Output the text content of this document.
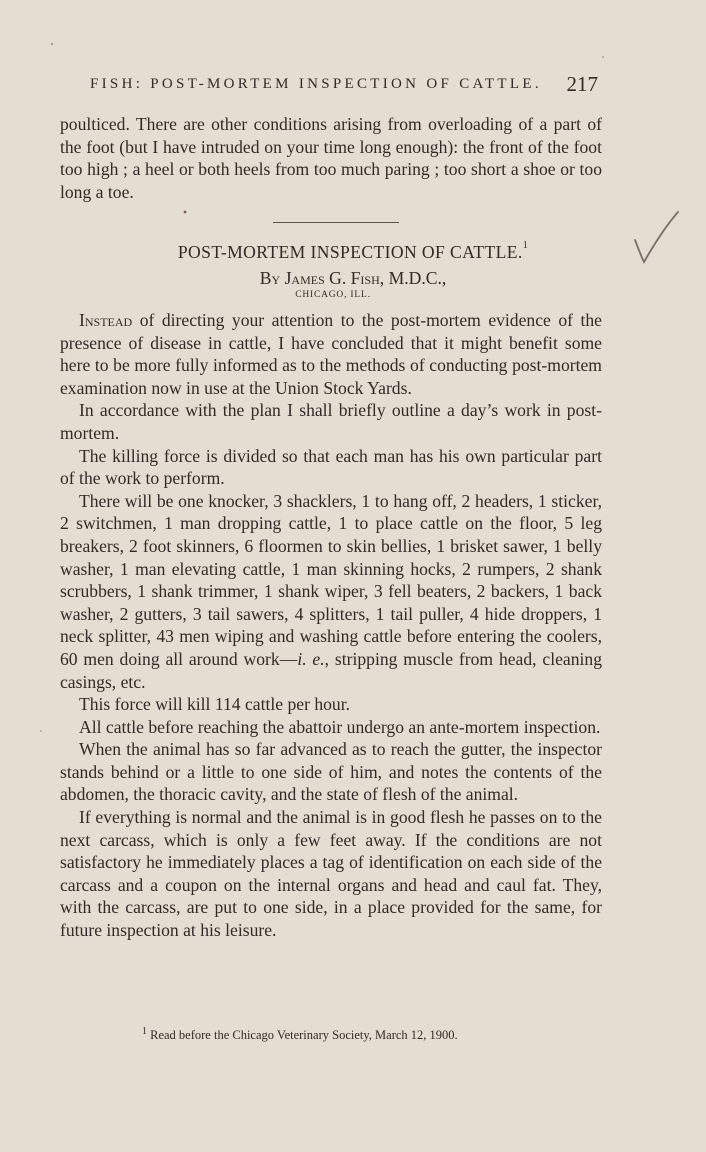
FISH: POST-MORTEM INSPECTION OF CATTLE. 217

poulticed. There are other conditions arising from overloading of a part of the foot (but I have intruded on your time long enough): the front of the foot too high ; a heel or both heels from too much paring ; too short a shoe or too long a toe.

POST-MORTEM INSPECTION OF CATTLE.$^1$
By James G. Fish, M.D.C.,
CHICAGO, ILL.

Instead of directing your attention to the post-mortem evidence of the presence of disease in cattle, I have concluded that it might benefit some here to be more fully informed as to the methods of conducting post-mortem examination now in use at the Union Stock Yards.

In accordance with the plan I shall briefly outline a day’s work in post-mortem.

The killing force is divided so that each man has his own particular part of the work to perform.

There will be one knocker, 3 shacklers, 1 to hang off, 2 headers, 1 sticker, 2 switchmen, 1 man dropping cattle, 1 to place cattle on the floor, 5 leg breakers, 2 foot skinners, 6 floormen to skin bellies, 1 brisket sawer, 1 belly washer, 1 man elevating cattle, 1 man skinning hocks, 2 rumpers, 2 shank scrubbers, 1 shank trimmer, 1 shank wiper, 3 fell beaters, 2 backers, 1 back washer, 2 gutters, 3 tail sawers, 4 splitters, 1 tail puller, 4 hide droppers, 1 neck splitter, 43 men wiping and washing cattle before entering the coolers, 60 men doing all around work—i. e., stripping muscle from head, cleaning casings, etc.

This force will kill 114 cattle per hour.

All cattle before reaching the abattoir undergo an ante-mortem inspection.

When the animal has so far advanced as to reach the gutter, the inspector stands behind or a little to one side of him, and notes the contents of the abdomen, the thoracic cavity, and the state of flesh of the animal.

If everything is normal and the animal is in good flesh he passes on to the next carcass, which is only a few feet away. If the conditions are not satisfactory he immediately places a tag of identification on each side of the carcass and a coupon on the internal organs and head and caul fat. They, with the carcass, are put to one side, in a place provided for the same, for future inspection at his leisure.

$^1$ Read before the Chicago Veterinary Society, March 12, 1900.
